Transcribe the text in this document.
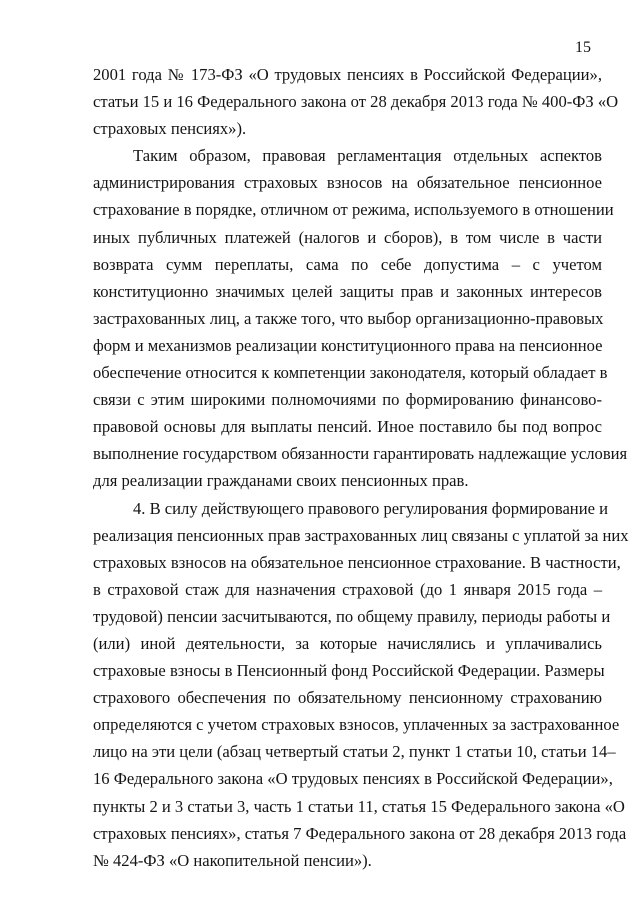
15
2001 года № 173-ФЗ «О трудовых пенсиях в Российской Федерации»,
статьи 15 и 16 Федерального закона от 28 декабря 2013 года № 400-ФЗ «О
страховых пенсиях»).
Таким образом, правовая регламентация отдельных аспектов
администрирования страховых взносов на обязательное пенсионное
страхование в порядке, отличном от режима, используемого в отношении
иных публичных платежей (налогов и сборов), в том числе в части
возврата сумм переплаты, сама по себе допустима – с учетом
конституционно значимых целей защиты прав и законных интересов
застрахованных лиц, а также того, что выбор организационно-правовых
форм и механизмов реализации конституционного права на пенсионное
обеспечение относится к компетенции законодателя, который обладает в
связи с этим широкими полномочиями по формированию финансово-
правовой основы для выплаты пенсий. Иное поставило бы под вопрос
выполнение государством обязанности гарантировать надлежащие условия
для реализации гражданами своих пенсионных прав.
4. В силу действующего правового регулирования формирование и
реализация пенсионных прав застрахованных лиц связаны с уплатой за них
страховых взносов на обязательное пенсионное страхование. В частности,
в страховой стаж для назначения страховой (до 1 января 2015 года –
трудовой) пенсии засчитываются, по общему правилу, периоды работы и
(или) иной деятельности, за которые начислялись и уплачивались
страховые взносы в Пенсионный фонд Российской Федерации. Размеры
страхового обеспечения по обязательному пенсионному страхованию
определяются с учетом страховых взносов, уплаченных за застрахованное
лицо на эти цели (абзац четвертый статьи 2, пункт 1 статьи 10, статьи 14–
16 Федерального закона «О трудовых пенсиях в Российской Федерации»,
пункты 2 и 3 статьи 3, часть 1 статьи 11, статья 15 Федерального закона «О
страховых пенсиях», статья 7 Федерального закона от 28 декабря 2013 года
№ 424-ФЗ «О накопительной пенсии»).
